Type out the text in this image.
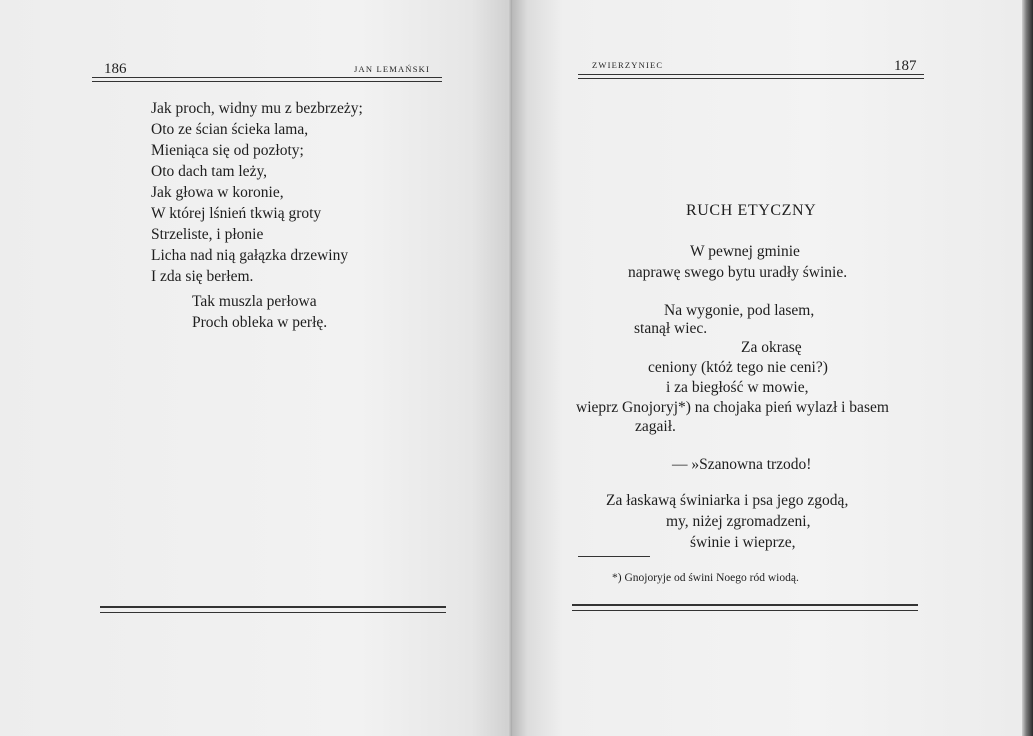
186	JAN LEMAŃSKI
Jak proch, widny mu z bezbrzeży;
Oto ze ścian ścieka lama,
Mieniąca się od pozłoty;
Oto dach tam leży,
Jak głowa w koronie,
W której lśnień tkwią groty
Strzeliste, i płonie
Licha nad nią gałązka drzewiny
I zda się berłem.
Tak muszla perłowa
Proch obleka w perłę.
ZWIERZYNIEC	187
RUCH ETYCZNY
W pewnej gminie
naprawę swego bytu uradły świnie.
Na wygonie, pod lasem,
stanął wiec.
Za okrasę
ceniony (któż tego nie ceni?)
i za biegłość w mowie,
wieprz Gnojoryj*) na chojaka pień wylazł i basem
zagaił.
— »Szanowna trzodo!
Za łaskawą świniarka i psa jego zgodą,
my, niżej zgromadzeni,
świnie i wieprze,
*) Gnojoryje od świni Noego ród wiodą.
